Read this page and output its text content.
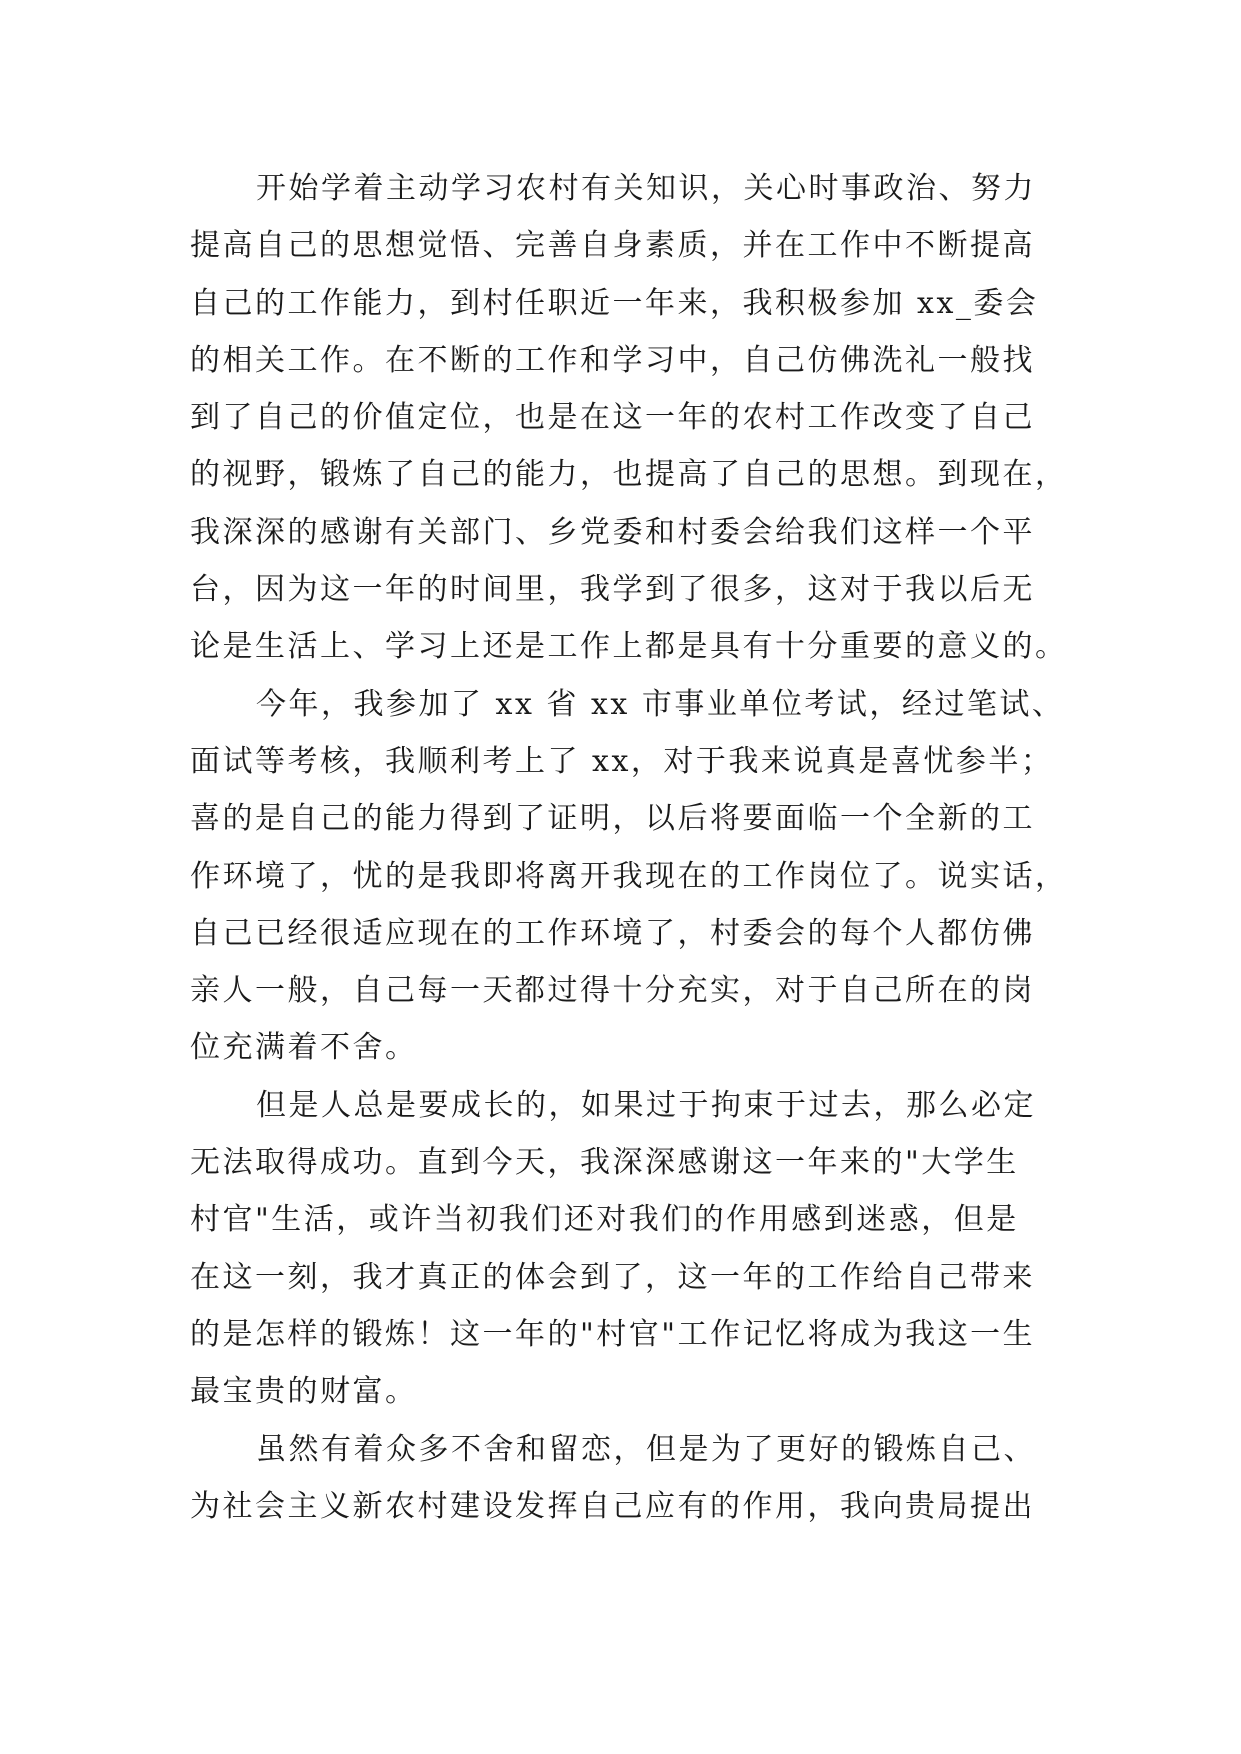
开始学着主动学习农村有关知识，关心时事政治、努力
提高自己的思想觉悟、完善自身素质，并在工作中不断提高
自己的工作能力，到村任职近一年来，我积极参加 xx_委会
的相关工作。在不断的工作和学习中，自己仿佛洗礼一般找
到了自己的价值定位，也是在这一年的农村工作改变了自己
的视野，锻炼了自己的能力，也提高了自己的思想。到现在，
我深深的感谢有关部门、乡党委和村委会给我们这样一个平
台，因为这一年的时间里，我学到了很多，这对于我以后无
论是生活上、学习上还是工作上都是具有十分重要的意义的。
今年，我参加了 xx 省 xx 市事业单位考试，经过笔试、
面试等考核，我顺利考上了 xx，对于我来说真是喜忧参半；
喜的是自己的能力得到了证明，以后将要面临一个全新的工
作环境了，忧的是我即将离开我现在的工作岗位了。说实话，
自己已经很适应现在的工作环境了，村委会的每个人都仿佛
亲人一般，自己每一天都过得十分充实，对于自己所在的岗
位充满着不舍。
但是人总是要成长的，如果过于拘束于过去，那么必定
无法取得成功。直到今天，我深深感谢这一年来的"大学生
村官"生活，或许当初我们还对我们的作用感到迷惑，但是
在这一刻，我才真正的体会到了，这一年的工作给自己带来
的是怎样的锻炼！这一年的"村官"工作记忆将成为我这一生
最宝贵的财富。
虽然有着众多不舍和留恋，但是为了更好的锻炼自己、
为社会主义新农村建设发挥自己应有的作用，我向贵局提出
